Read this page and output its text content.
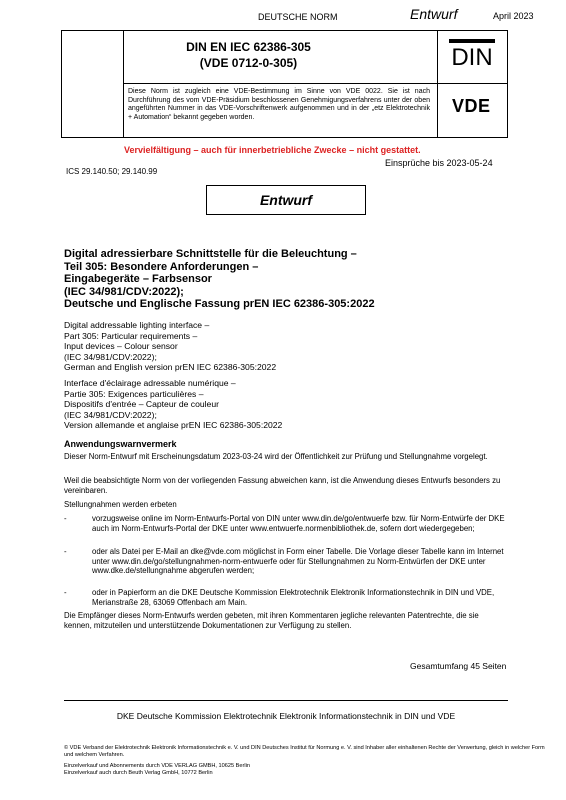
DEUTSCHE NORM	Entwurf	April 2023
DIN EN IEC 62386-305
(VDE 0712-0-305)
Diese Norm ist zugleich eine VDE-Bestimmung im Sinne von VDE 0022. Sie ist nach Durchführung des vom VDE-Präsidium beschlossenen Genehmigungsverfahrens unter der oben angeführten Nummer in das VDE-Vorschriftenwerk aufgenommen und in der „etz Elektrotechnik + Automation“ bekannt gegeben worden.
DIN
VDE
Vervielfältigung – auch für innerbetriebliche Zwecke – nicht gestattet.
Einsprüche bis 2023-05-24
ICS 29.140.50; 29.140.99
Entwurf
Digital adressierbare Schnittstelle für die Beleuchtung –
Teil 305: Besondere Anforderungen –
Eingabegeräte – Farbsensor
(IEC 34/981/CDV:2022);
Deutsche und Englische Fassung prEN IEC 62386-305:2022
Digital addressable lighting interface –
Part 305: Particular requirements –
Input devices – Colour sensor
(IEC 34/981/CDV:2022);
German and English version prEN IEC 62386-305:2022
Interface d'éclairage adressable numérique –
Partie 305: Exigences particulières –
Dispositifs d'entrée – Capteur de couleur
(IEC 34/981/CDV:2022);
Version allemande et anglaise prEN IEC 62386-305:2022
Anwendungswarnvermerk
Dieser Norm-Entwurf mit Erscheinungsdatum 2023-03-24 wird der Öffentlichkeit zur Prüfung und Stellungnahme vorgelegt.
Weil die beabsichtigte Norm von der vorliegenden Fassung abweichen kann, ist die Anwendung dieses Entwurfs besonders zu vereinbaren.
Stellungnahmen werden erbeten
-	vorzugsweise online im Norm-Entwurfs-Portal von DIN unter www.din.de/go/entwuerfe bzw. für Norm-Entwürfe der DKE auch im Norm-Entwurfs-Portal der DKE unter www.entwuerfe.normenbibliothek.de, sofern dort wiedergegeben;
-	oder als Datei per E-Mail an dke@vde.com möglichst in Form einer Tabelle. Die Vorlage dieser Tabelle kann im Internet unter www.din.de/go/stellungnahmen-norm-entwuerfe oder für Stellungnahmen zu Norm-Entwürfen der DKE unter www.dke.de/stellungnahme abgerufen werden;
-	oder in Papierform an die DKE Deutsche Kommission Elektrotechnik Elektronik Informationstechnik in DIN und VDE, Merianstraße 28, 63069 Offenbach am Main.
Die Empfänger dieses Norm-Entwurfs werden gebeten, mit ihren Kommentaren jegliche relevanten Patentrechte, die sie kennen, mitzuteilen und unterstützende Dokumentationen zur Verfügung zu stellen.
Gesamtumfang 45 Seiten
DKE Deutsche Kommission Elektrotechnik Elektronik Informationstechnik in DIN und VDE
© VDE Verband der Elektrotechnik Elektronik Informationstechnik e. V. und DIN Deutsches Institut für Normung e. V. sind Inhaber aller einhaltenen Rechte der Verwertung, gleich in welcher Form und welchem Verfahren.
Einzelverkauf und Abonnements durch VDE VERLAG GMBH, 10625 Berlin
Einzelverkauf auch durch Beuth Verlag GmbH, 10772 Berlin
